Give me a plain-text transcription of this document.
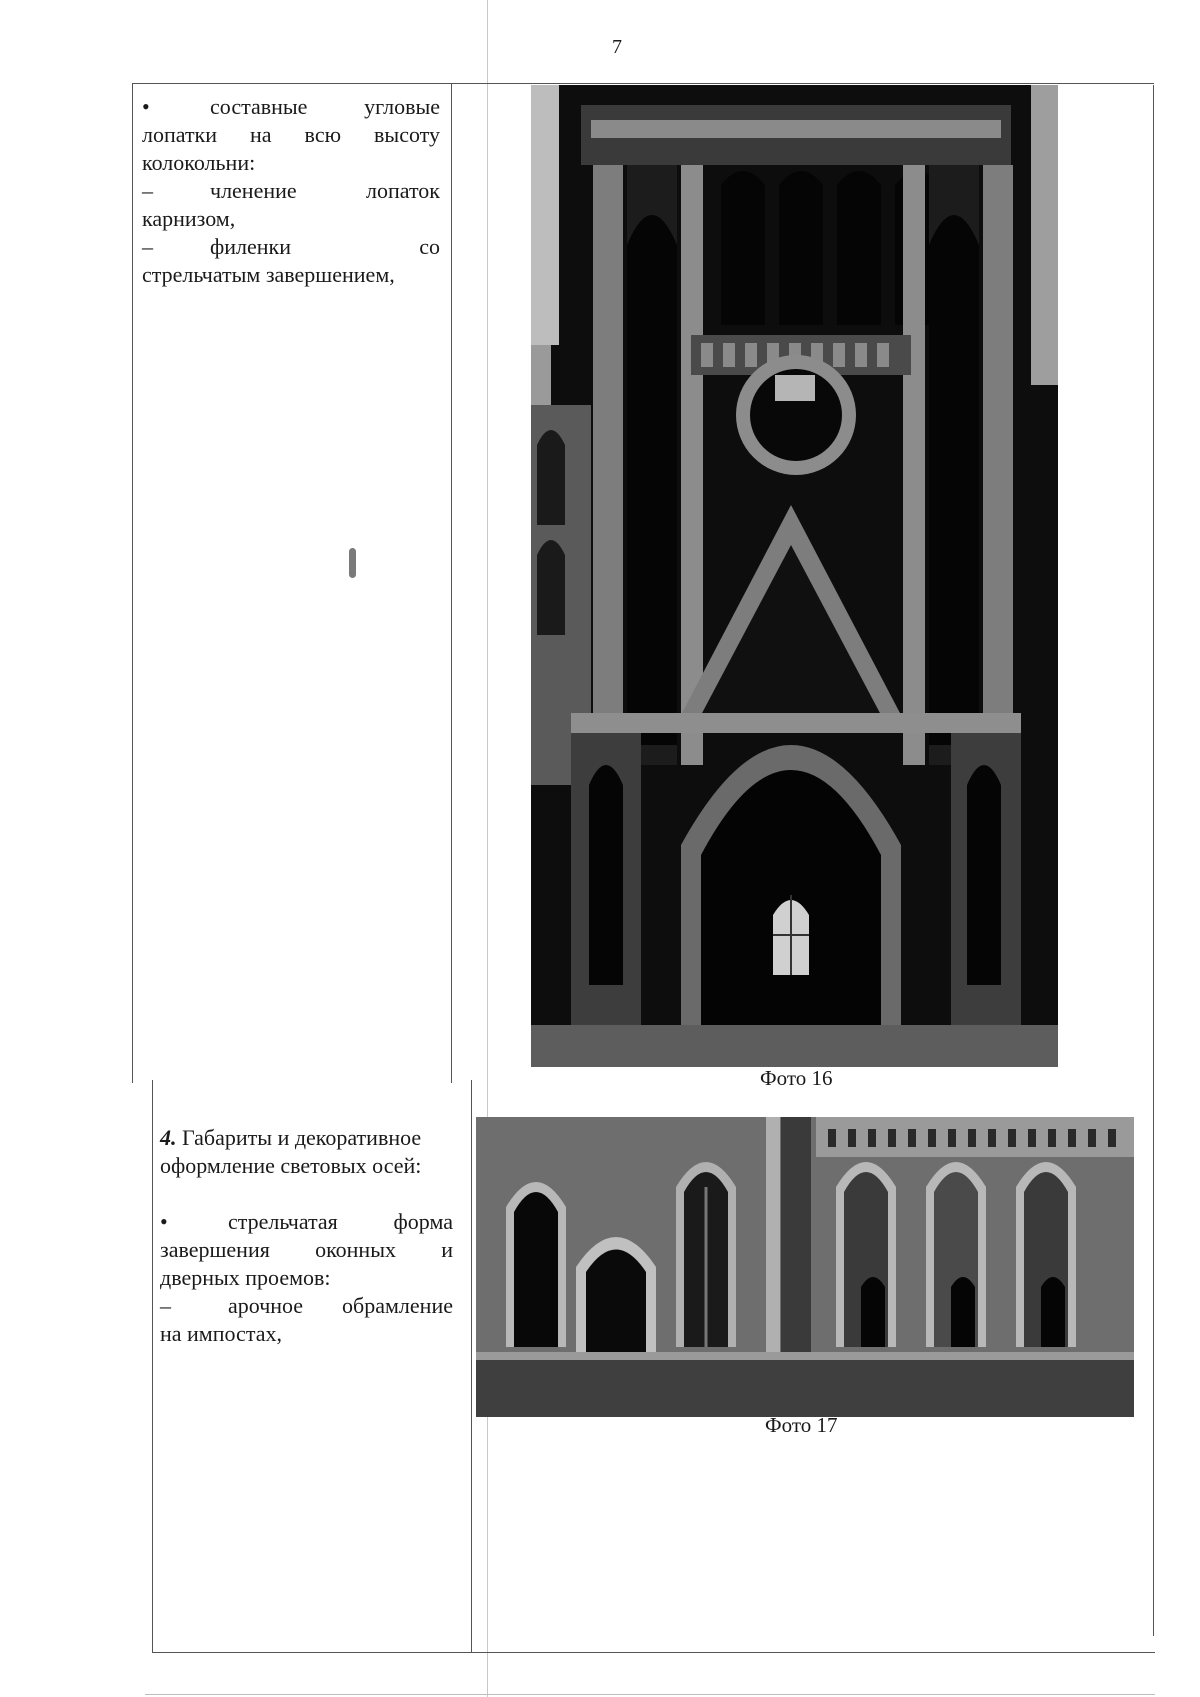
7
•	составные угловые
лопатки на всю высоту
колокольни:
–	членение лопаток
карнизом,
–	филенки со
стрельчатым завершением,
4. Габариты и декоративное
оформление световых осей:
•	стрельчатая форма
завершения оконных и
дверных проемов:
–	арочное обрамление
на импостах,
Фото 16
Фото 17
